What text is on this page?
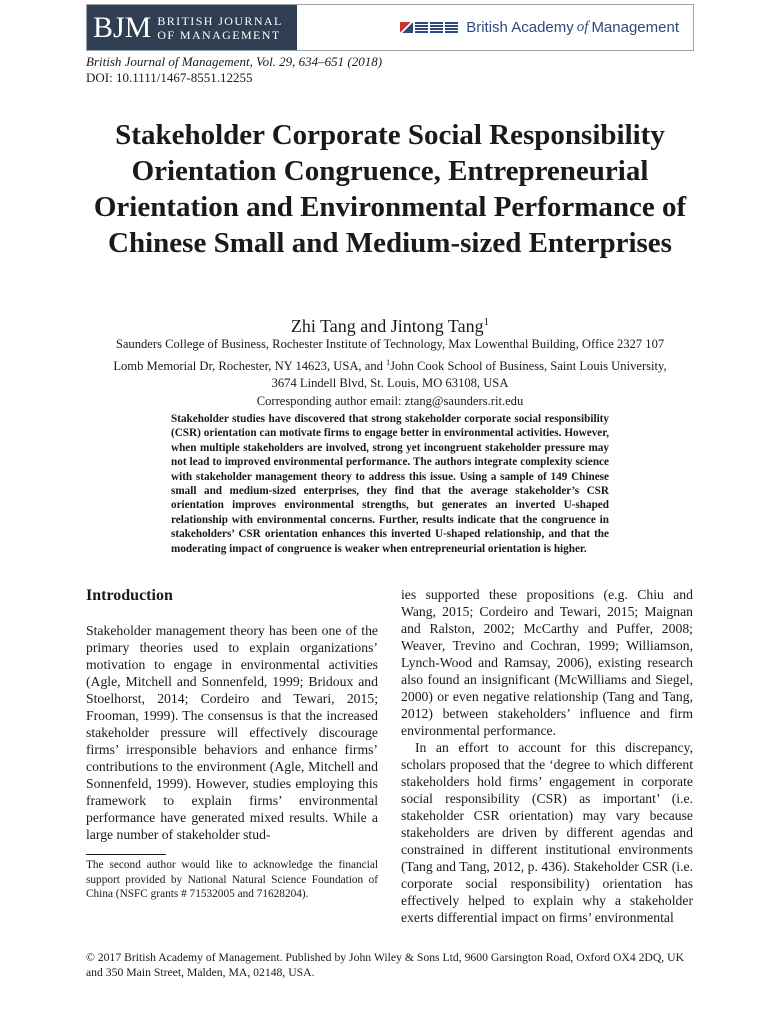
BJM BRITISH JOURNAL
OF MANAGEMENT	British Academy of Management
British Journal of Management, Vol. 29, 634–651 (2018)
DOI: 10.1111/1467-8551.12255
Stakeholder Corporate Social Responsibility Orientation Congruence, Entrepreneurial Orientation and Environmental Performance of Chinese Small and Medium-sized Enterprises
Zhi Tang and Jintong Tang$^1$
Saunders College of Business, Rochester Institute of Technology, Max Lowenthal Building, Office 2327 107
Lomb Memorial Dr, Rochester, NY 14623, USA, and $^1$John Cook School of Business, Saint Louis University,
3674 Lindell Blvd, St. Louis, MO 63108, USA
Corresponding author email: ztang@saunders.rit.edu

Stakeholder studies have discovered that strong stakeholder corporate social responsibility (CSR) orientation can motivate firms to engage better in environmental activities. However, when multiple stakeholders are involved, strong yet incongruent stakeholder pressure may not lead to improved environmental performance. The authors integrate complexity science with stakeholder management theory to address this issue. Using a sample of 149 Chinese small and medium-sized enterprises, they find that the average stakeholder’s CSR orientation improves environmental strengths, but generates an inverted U-shaped relationship with environmental concerns. Further, results indicate that the congruence in stakeholders’ CSR orientation enhances this inverted U-shaped relationship, and that the moderating impact of congruence is weaker when entrepreneurial orientation is higher.

Introduction

Stakeholder management theory has been one of the primary theories used to explain organizations’ motivation to engage in environmental activities (Agle, Mitchell and Sonnenfeld, 1999; Bridoux and Stoelhorst, 2014; Cordeiro and Tewari, 2015; Frooman, 1999). The consensus is that the increased stakeholder pressure will effectively discourage firms’ irresponsible behaviors and enhance firms’ contributions to the environment (Agle, Mitchell and Sonnenfeld, 1999). However, studies employing this framework to explain firms’ environmental performance have generated mixed results. While a large number of stakeholder stud-

ies supported these propositions (e.g. Chiu and Wang, 2015; Cordeiro and Tewari, 2015; Maignan and Ralston, 2002; McCarthy and Puffer, 2008; Weaver, Trevino and Cochran, 1999; Williamson, Lynch-Wood and Ramsay, 2006), existing research also found an insignificant (McWilliams and Siegel, 2000) or even negative relationship (Tang and Tang, 2012) between stakeholders’ influence and firm environmental performance.

In an effort to account for this discrepancy, scholars proposed that the ‘degree to which different stakeholders hold firms’ engagement in corporate social responsibility (CSR) as important’ (i.e. stakeholder CSR orientation) may vary because stakeholders are driven by different agendas and constrained in different institutional environments (Tang and Tang, 2012, p. 436). Stakeholder CSR (i.e. corporate social responsibility) orientation has effectively helped to explain why a stakeholder exerts differential impact on firms’ environmental

The second author would like to acknowledge the financial support provided by National Natural Science Foundation of China (NSFC grants # 71532005 and 71628204).

© 2017 British Academy of Management. Published by John Wiley & Sons Ltd, 9600 Garsington Road, Oxford OX4 2DQ, UK and 350 Main Street, Malden, MA, 02148, USA.
